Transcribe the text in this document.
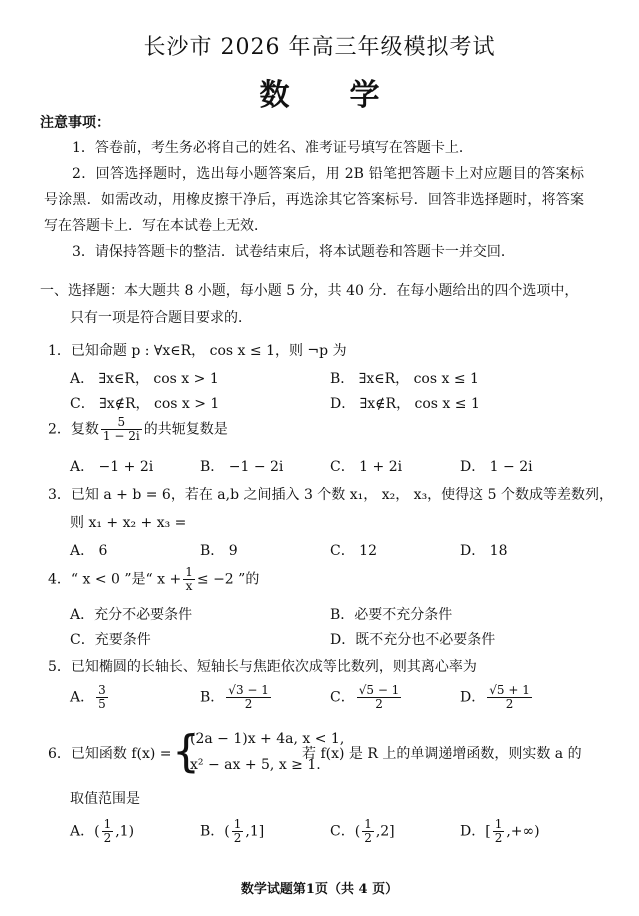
长沙市 2026 年高三年级模拟考试
数学
注意事项：

1．答卷前，考生务必将自己的姓名、准考证号填写在答题卡上．

2．回答选择题时，选出每小题答案后，用 2B 铅笔把答题卡上对应题目的答案标号涂黑．如需改动，用橡皮擦干净后，再选涂其它答案标号．回答非选择题时，将答案写在答题卡上．写在本试卷上无效．

3．请保持答题卡的整洁．试卷结束后，将本试题卷和答题卡一并交回．

一、选择题：本大题共 8 小题，每小题 5 分，共 40 分．在每小题给出的四个选项中，
只有一项是符合题目要求的．
1．已知命题 p : ∀x∈R， cos x ≤ 1，则 ¬p 为
A． ∃x∈R， cos x > 1	B． ∃x∈R， cos x ≤ 1
C． ∃x∉R， cos x > 1	D． ∃x∉R， cos x ≤ 1
2．复数 $\frac{5}{1 - 2i}$ 的共轭复数是
A． −1 + 2i	B． −1 − 2i	C． 1 + 2i	D． 1 − 2i
3．已知 a + b = 6，若在 a,b 之间插入 3 个数 x₁， x₂， x₃，使得这 5 个数成等差数列，
则 x₁ + x₂ + x₃ =
A． 6	B． 9	C． 12	D． 18
4．“ x < 0 ”是“ $x + \frac{1}{x} \le -2$ ”的
A．充分不必要条件	B．必要不充分条件
C．充要条件	D．既不充分也不必要条件
5．已知椭圆的长轴长、短轴长与焦距依次成等比数列，则其离心率为
A． $\frac{3}{5}$	B． $\frac{√3 - 1}{2}$	C． $\frac{√5 - 1}{2}$	D． $\frac{√5 + 1}{2}$
6．已知函数 f(x) = {
(2a − 1)x + 4a, x < 1,
x² − ax + 5, x ≥ 1.
若 f(x) 是 R 上的单调递增函数，则实数 a 的
取值范围是
A．( $\frac{1}{2} ,1$)	B．( $\frac{1}{2} ,1$]	C．( $\frac{1}{2} ,2$]	D．[ $\frac{1}{2}$ ,+∞)
数学试题第1页（共 4 页）
